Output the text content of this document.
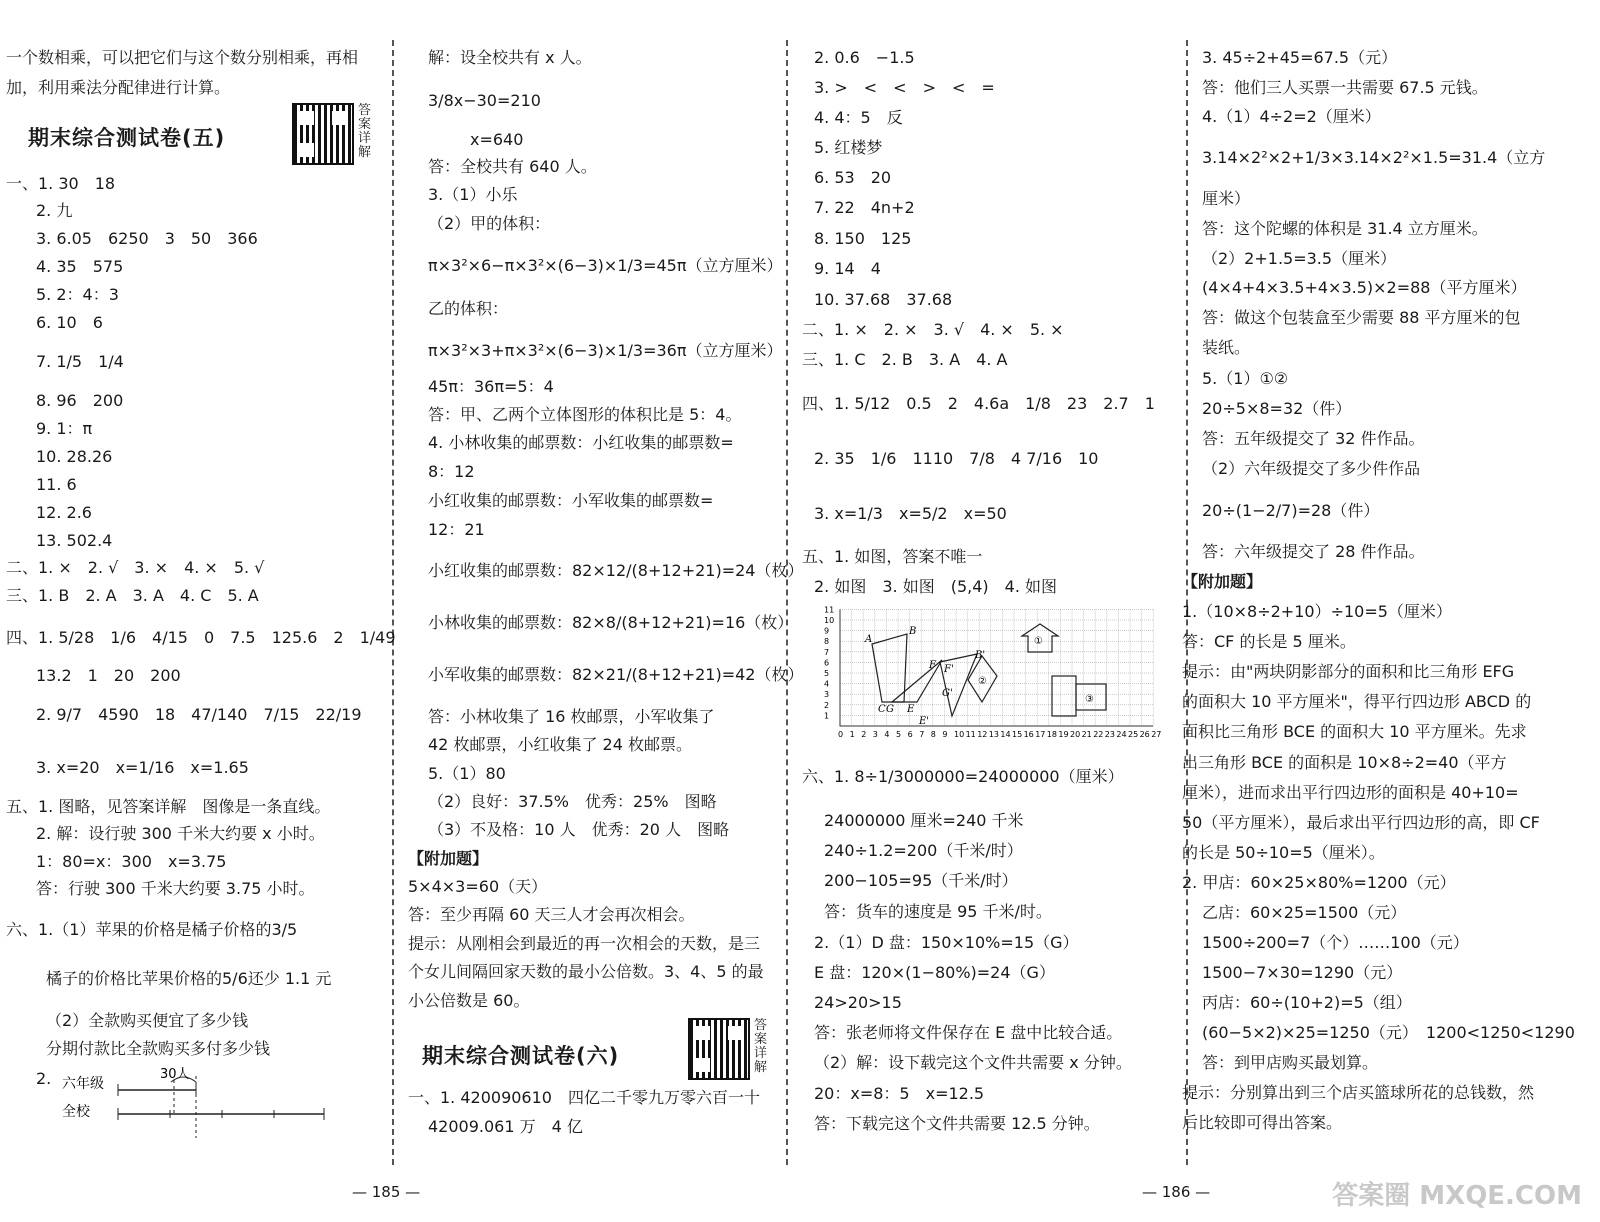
一个数相乘，可以把它们与这个数分别相乘，再相
加，利用乘法分配律进行计算。
期末综合测试卷(五)
答案详解
一、1. 30　18
2. 九
3. 6.05　6250　3　50　366
4. 35　575
5. 2：4：3
6. 10　6
7. 1/5　1/4
8. 96　200
9. 1：π
10. 28.26
11. 6
12. 2.6
13. 502.4
二、1. ×　2. √　3. ×　4. ×　5. √
三、1. B　2. A　3. A　4. C　5. A
四、1. 5/28　1/6　4/15　0　7.5　125.6　2　1/49
13.2　1　20　200
2. 9/7　4590　18　47/140　7/15　22/19
3. x=20　x=1/16　x=1.65
五、1. 图略，见答案详解　图像是一条直线。
2. 解：设行驶 300 千米大约要 x 小时。
1：80=x：300　x=3.75
答：行驶 300 千米大约要 3.75 小时。
六、1.（1）苹果的价格是橘子价格的3/5
橘子的价格比苹果价格的5/6还少 1.1 元
（2）全款购买便宜了多少钱
分期付款比全款购买多付多少钱
2. 六年级
30人
全校
解：设全校共有 x 人。
3/8x−30=210
x=640
答：全校共有 640 人。
3.（1）小乐
（2）甲的体积：
π×3²×6−π×3²×(6−3)×1/3=45π（立方厘米）
乙的体积：
π×3²×3+π×3²×(6−3)×1/3=36π（立方厘米）
45π：36π=5：4
答：甲、乙两个立体图形的体积比是 5：4。
4. 小林收集的邮票数：小红收集的邮票数=
8：12
小红收集的邮票数：小军收集的邮票数=
12：21
小红收集的邮票数：82×12/(8+12+21)=24（枚）
小林收集的邮票数：82×8/(8+12+21)=16（枚）
小军收集的邮票数：82×21/(8+12+21)=42（枚）
答：小林收集了 16 枚邮票，小军收集了
42 枚邮票，小红收集了 24 枚邮票。
5.（1）80
（2）良好：37.5%　优秀：25%　图略
（3）不及格：10 人　优秀：20 人　图略
【附加题】
5×4×3=60（天）
答：至少再隔 60 天三人才会再次相会。
提示：从刚相会到最近的再一次相会的天数，是三
个女儿间隔回家天数的最小公倍数。3、4、5 的最
小公倍数是 60。
期末综合测试卷(六)
答案详解
一、1. 420090610　四亿二千零九万零六百一十
42009.061 万　4 亿
2. 0.6　−1.5
3. >　<　<　>　<　=
4. 4：5　反
5. 红楼梦
6. 53　20
7. 22　4n+2
8. 150　125
9. 14　4
10. 37.68　37.68
二、1. ×　2. ×　3. √　4. ×　5. ×
三、1. C　2. B　3. A　4. A
四、1. 5/12　0.5　2　4.6a　1/8　23　2.7　1
2. 35　1/6　1110　7/8　4 7/16　10
3. x=1/3　x=5/2　x=50
五、1. 如图，答案不唯一
2. 如图　3. 如图　(5,4)　4. 如图
11
10
9
8
7
6
5
4
3
2
1
0 1 2 3 4 5 6 7 8 9 10 11 12 13 14 15 16 17 18 19 20 21 22 23 24 25 26 27
A
B
C G E
F
E'
F'
G'
B'
①
②
③
六、1. 8÷1/3000000=24000000（厘米）
24000000 厘米=240 千米
240÷1.2=200（千米/时）
200−105=95（千米/时）
答：货车的速度是 95 千米/时。
2.（1）D 盘：150×10%=15（G）
E 盘：120×(1−80%)=24（G）
24>20>15
答：张老师将文件保存在 E 盘中比较合适。
（2）解：设下载完这个文件共需要 x 分钟。
20：x=8：5　x=12.5
答：下载完这个文件共需要 12.5 分钟。
3. 45÷2+45=67.5（元）
答：他们三人买票一共需要 67.5 元钱。
4.（1）4÷2=2（厘米）
3.14×2²×2+1/3×3.14×2²×1.5=31.4（立方
厘米）
答：这个陀螺的体积是 31.4 立方厘米。
（2）2+1.5=3.5（厘米）
(4×4+4×3.5+4×3.5)×2=88（平方厘米）
答：做这个包装盒至少需要 88 平方厘米的包
装纸。
5.（1）①②
20÷5×8=32（件）
答：五年级提交了 32 件作品。
（2）六年级提交了多少件作品
20÷(1−2/7)=28（件）
答：六年级提交了 28 件作品。
【附加题】
1.（10×8÷2+10）÷10=5（厘米）
答：CF 的长是 5 厘米。
提示：由"两块阴影部分的面积和比三角形 EFG
的面积大 10 平方厘米"，得平行四边形 ABCD 的
面积比三角形 BCE 的面积大 10 平方厘米。先求
出三角形 BCE 的面积是 10×8÷2=40（平方
厘米），进而求出平行四边形的面积是 40+10=
50（平方厘米），最后求出平行四边形的高，即 CF
的长是 50÷10=5（厘米）。
2. 甲店：60×25×80%=1200（元）
乙店：60×25=1500（元）
1500÷200=7（个）……100（元）
1500−7×30=1290（元）
丙店：60÷(10+2)=5（组）
(60−5×2)×25=1250（元）　1200<1250<1290
答：到甲店购买最划算。
提示：分别算出到三个店买篮球所花的总钱数，然
后比较即可得出答案。
— 185 —	— 186 —	答案圈 MXQE.COM
